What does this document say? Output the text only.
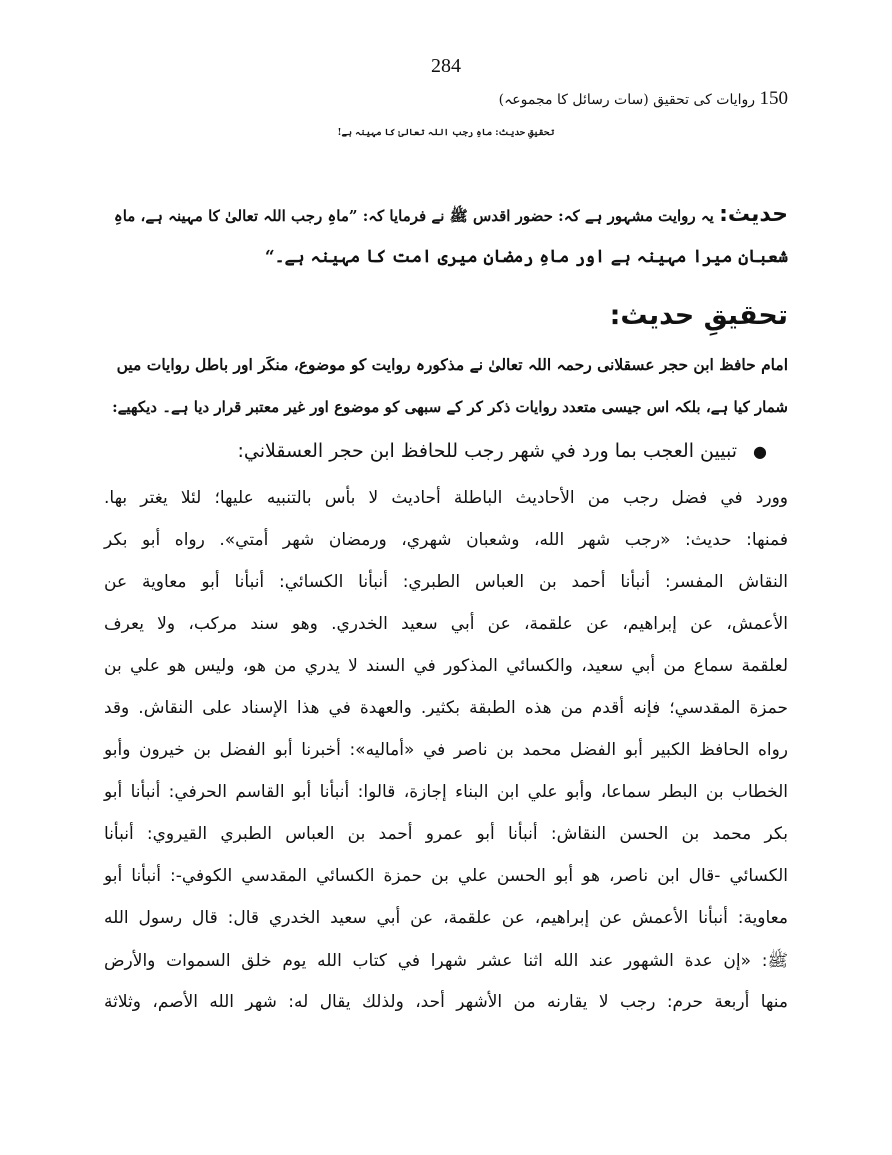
284
150 روایات کی تحقیق (سات رسائل کا مجموعہ)
تحقیقِ حدیث: ماہِ رجب اللہ تعالیٰ کا مہینہ ہے!
حدیث: یہ روایت مشہور ہے کہ: حضور اقدس ﷺ نے فرمایا کہ: ”ماہِ رجب اللہ تعالیٰ کا مہینہ ہے، ماہِ
شعبان میرا مہینہ ہے اور ماہِ رمضان میری امت کا مہینہ ہے۔“
تحقیقِ حدیث:
امام حافظ ابن حجر عسقلانی رحمہ اللہ تعالیٰ نے مذکورہ روایت کو موضوع، منکَر اور باطل روایات میں
شمار کیا ہے، بلکہ اس جیسی متعدد روایات ذکر کر کے سبھی کو موضوع اور غیر معتبر قرار دیا ہے۔ دیکھیے:
● تبيين العجب بما ورد في شهر رجب للحافظ ابن حجر العسقلاني:
وورد في فضل رجب من الأحاديث الباطلة أحاديث لا بأس بالتنبيه عليها؛ لئلا يغتر بها.
فمنها: حديث: «رجب شهر الله، وشعبان شهري، ورمضان شهر أمتي». رواه أبو بكر
النقاش المفسر: أنبأنا أحمد بن العباس الطبري: أنبأنا الكسائي: أنبأنا أبو معاوية عن
الأعمش، عن إبراهيم، عن علقمة، عن أبي سعيد الخدري. وهو سند مركب، ولا يعرف
لعلقمة سماع من أبي سعيد، والكسائي المذكور في السند لا يدري من هو، وليس هو علي بن
حمزة المقدسي؛ فإنه أقدم من هذه الطبقة بكثير. والعهدة في هذا الإسناد على النقاش. وقد
رواه الحافظ الكبير أبو الفضل محمد بن ناصر في «أماليه»: أخبرنا أبو الفضل بن خيرون وأبو
الخطاب بن البطر سماعا، وأبو علي ابن البناء إجازة، قالوا: أنبأنا أبو القاسم الحرفي: أنبأنا أبو
بكر محمد بن الحسن النقاش: أنبأنا أبو عمرو أحمد بن العباس الطبري القيروي: أنبأنا
الكسائي -قال ابن ناصر، هو أبو الحسن علي بن حمزة الكسائي المقدسي الكوفي-: أنبأنا أبو
معاوية: أنبأنا الأعمش عن إبراهيم، عن علقمة، عن أبي سعيد الخدري قال: قال رسول الله
ﷺ: «إن عدة الشهور عند الله اثنا عشر شهرا في كتاب الله يوم خلق السموات والأرض
منها أربعة حرم: رجب لا يقارنه من الأشهر أحد، ولذلك يقال له: شهر الله الأصم، وثلاثة
